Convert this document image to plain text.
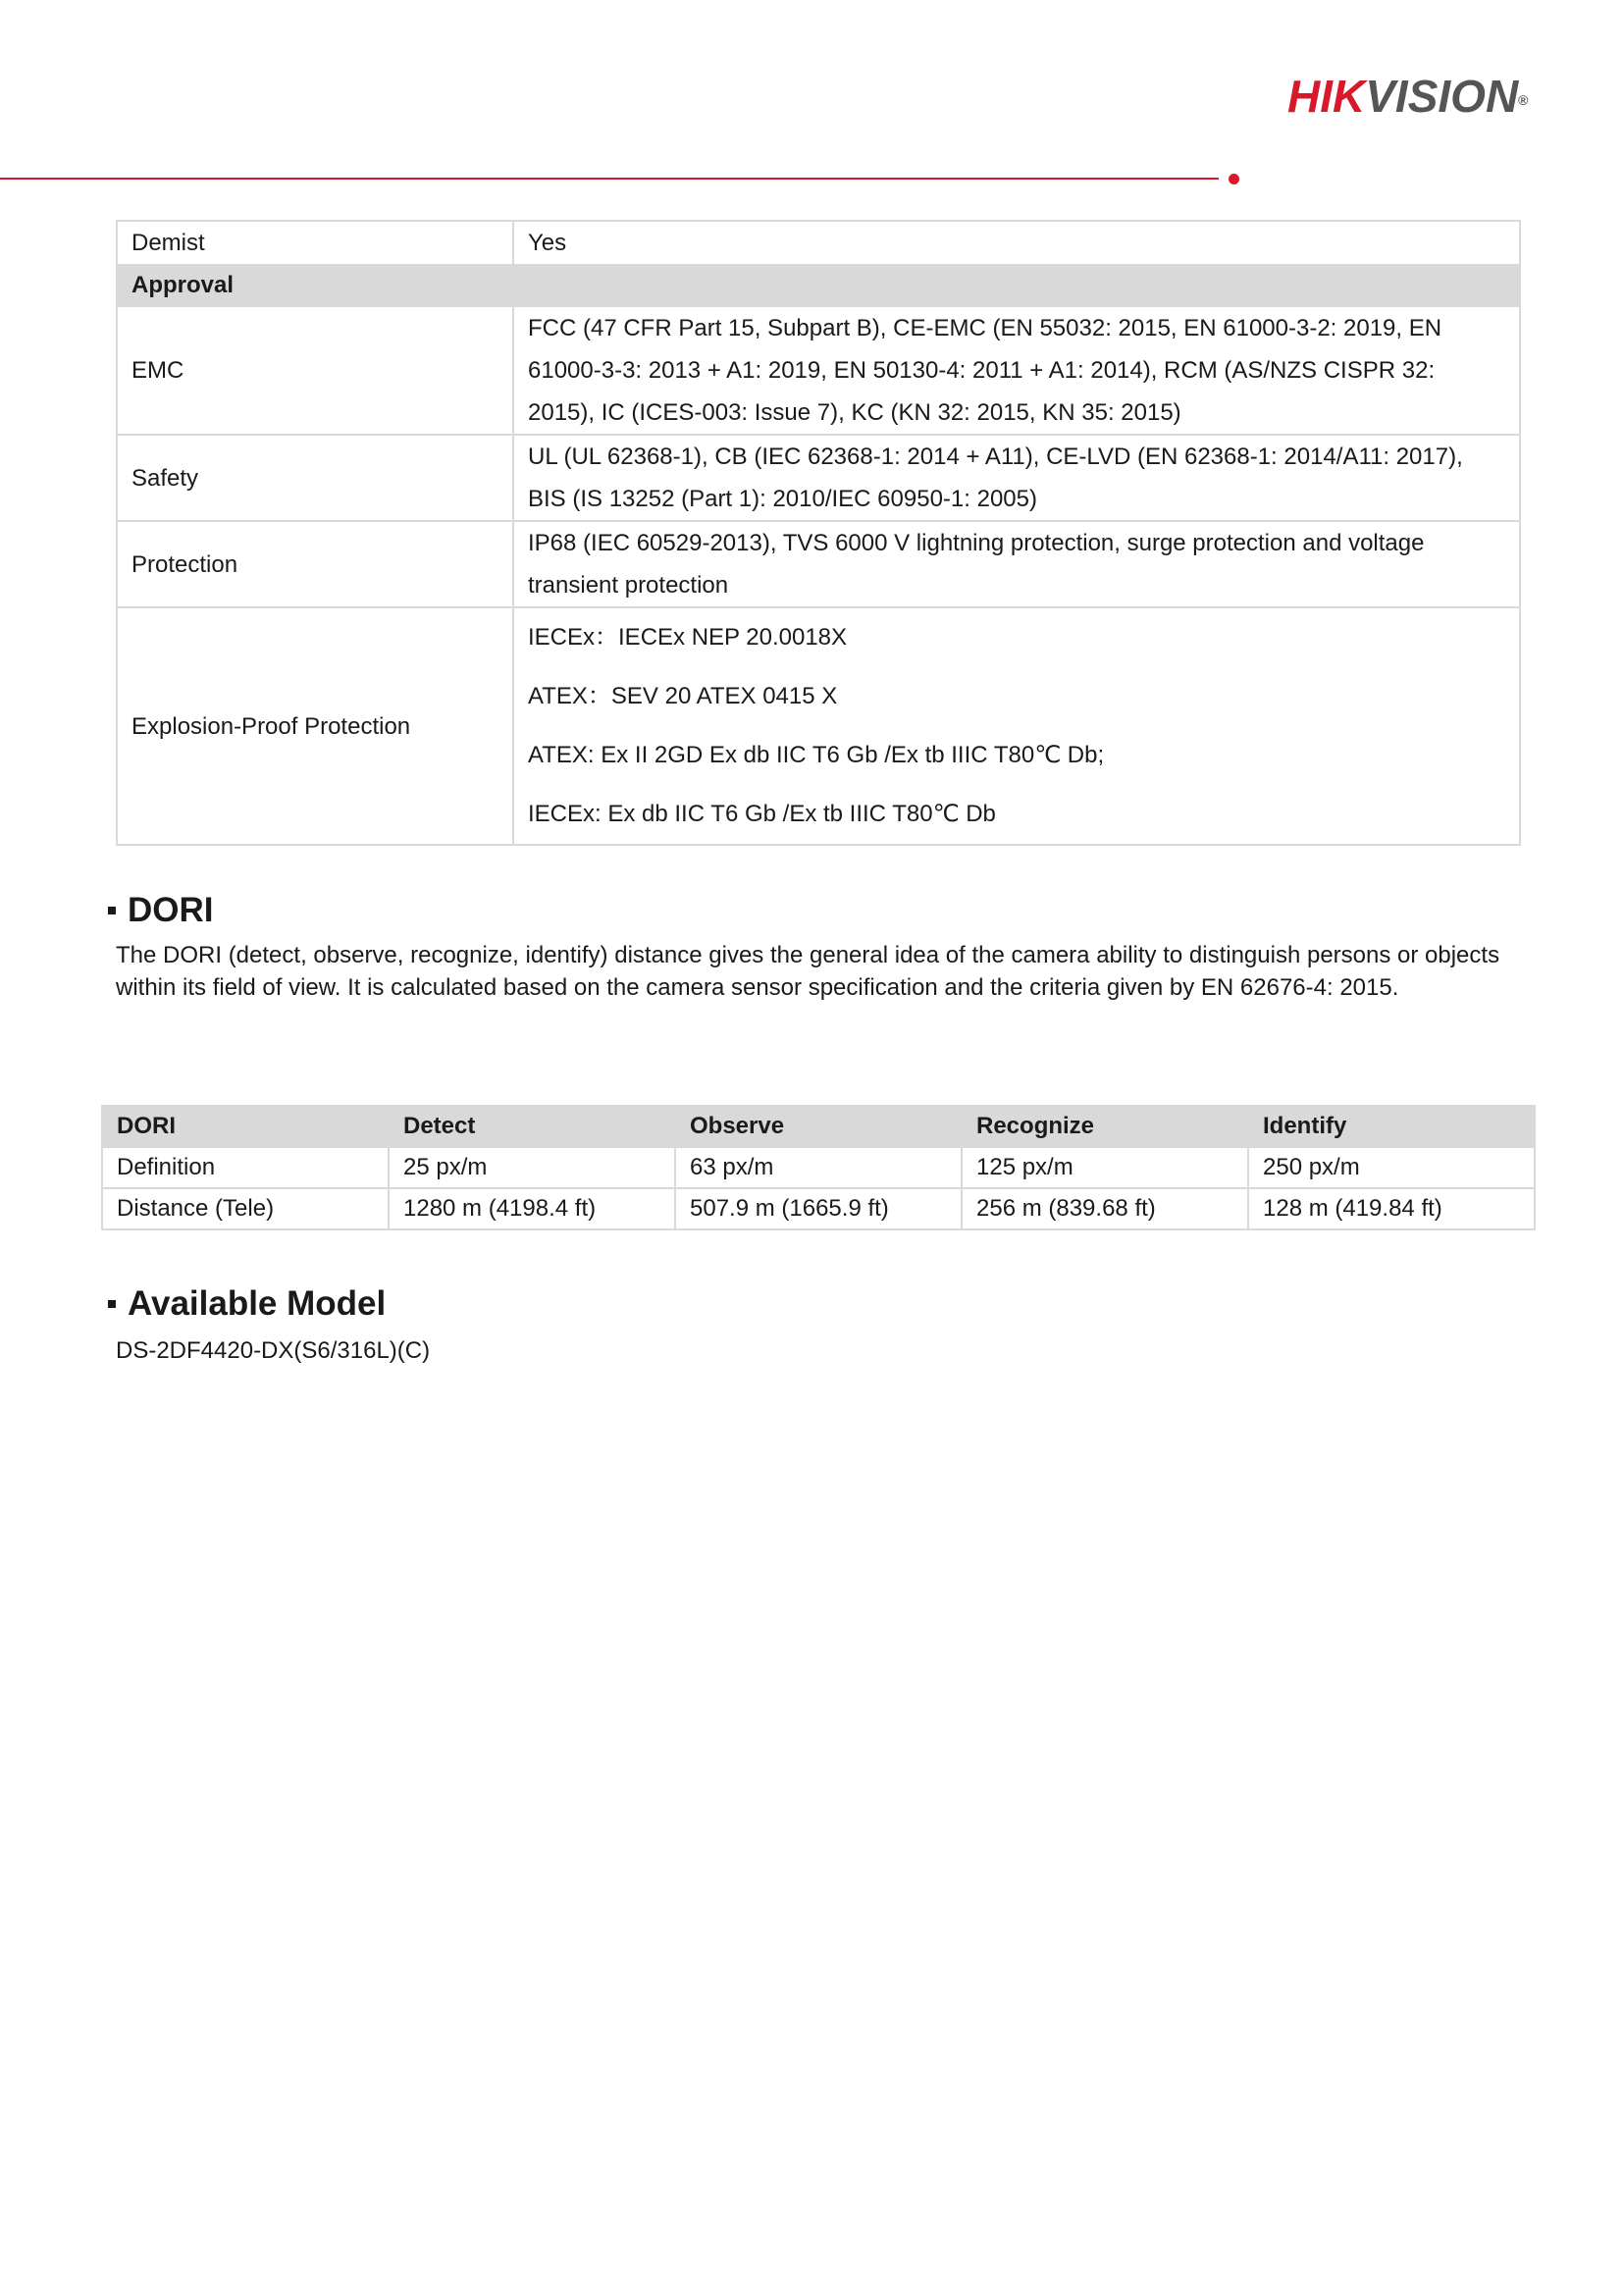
HIKVISION®
Demist	Yes
Approval	
EMC	FCC (47 CFR Part 15, Subpart B), CE-EMC (EN 55032: 2015, EN 61000-3-2: 2019, EN
61000-3-3: 2013 + A1: 2019, EN 50130-4: 2011 + A1: 2014), RCM (AS/NZS CISPR 32:
2015), IC (ICES-003: Issue 7), KC (KN 32: 2015, KN 35: 2015)

Safety	UL (UL 62368-1), CB (IEC 62368-1: 2014 + A11), CE-LVD (EN 62368-1: 2014/A11: 2017),
BIS (IS 13252 (Part 1): 2010/IEC 60950-1: 2005)

Protection	IP68 (IEC 60529-2013), TVS 6000 V lightning protection, surge protection and voltage
transient protection

Explosion-Proof Protection	IECEx：IECEx NEP 20.0018X
ATEX：SEV 20 ATEX 0415 X
ATEX: Ex II 2GD Ex db IIC T6 Gb /Ex tb IIIC T80℃ Db;
IECEx: Ex db IIC T6 Gb /Ex tb IIIC T80℃ Db
DORI
The DORI (detect, observe, recognize, identify) distance gives the general idea of the camera ability to distinguish persons or objects within its field of view. It is calculated based on the camera sensor specification and the criteria given by EN 62676-4: 2015.
DORI	Detect	Observe	Recognize	Identify
Definition	25 px/m	63 px/m	125 px/m	250 px/m
Distance (Tele)	1280 m (4198.4 ft)	507.9 m (1665.9 ft)	256 m (839.68 ft)	128 m (419.84 ft)
Available Model
DS-2DF4420-DX(S6/316L)(C)
